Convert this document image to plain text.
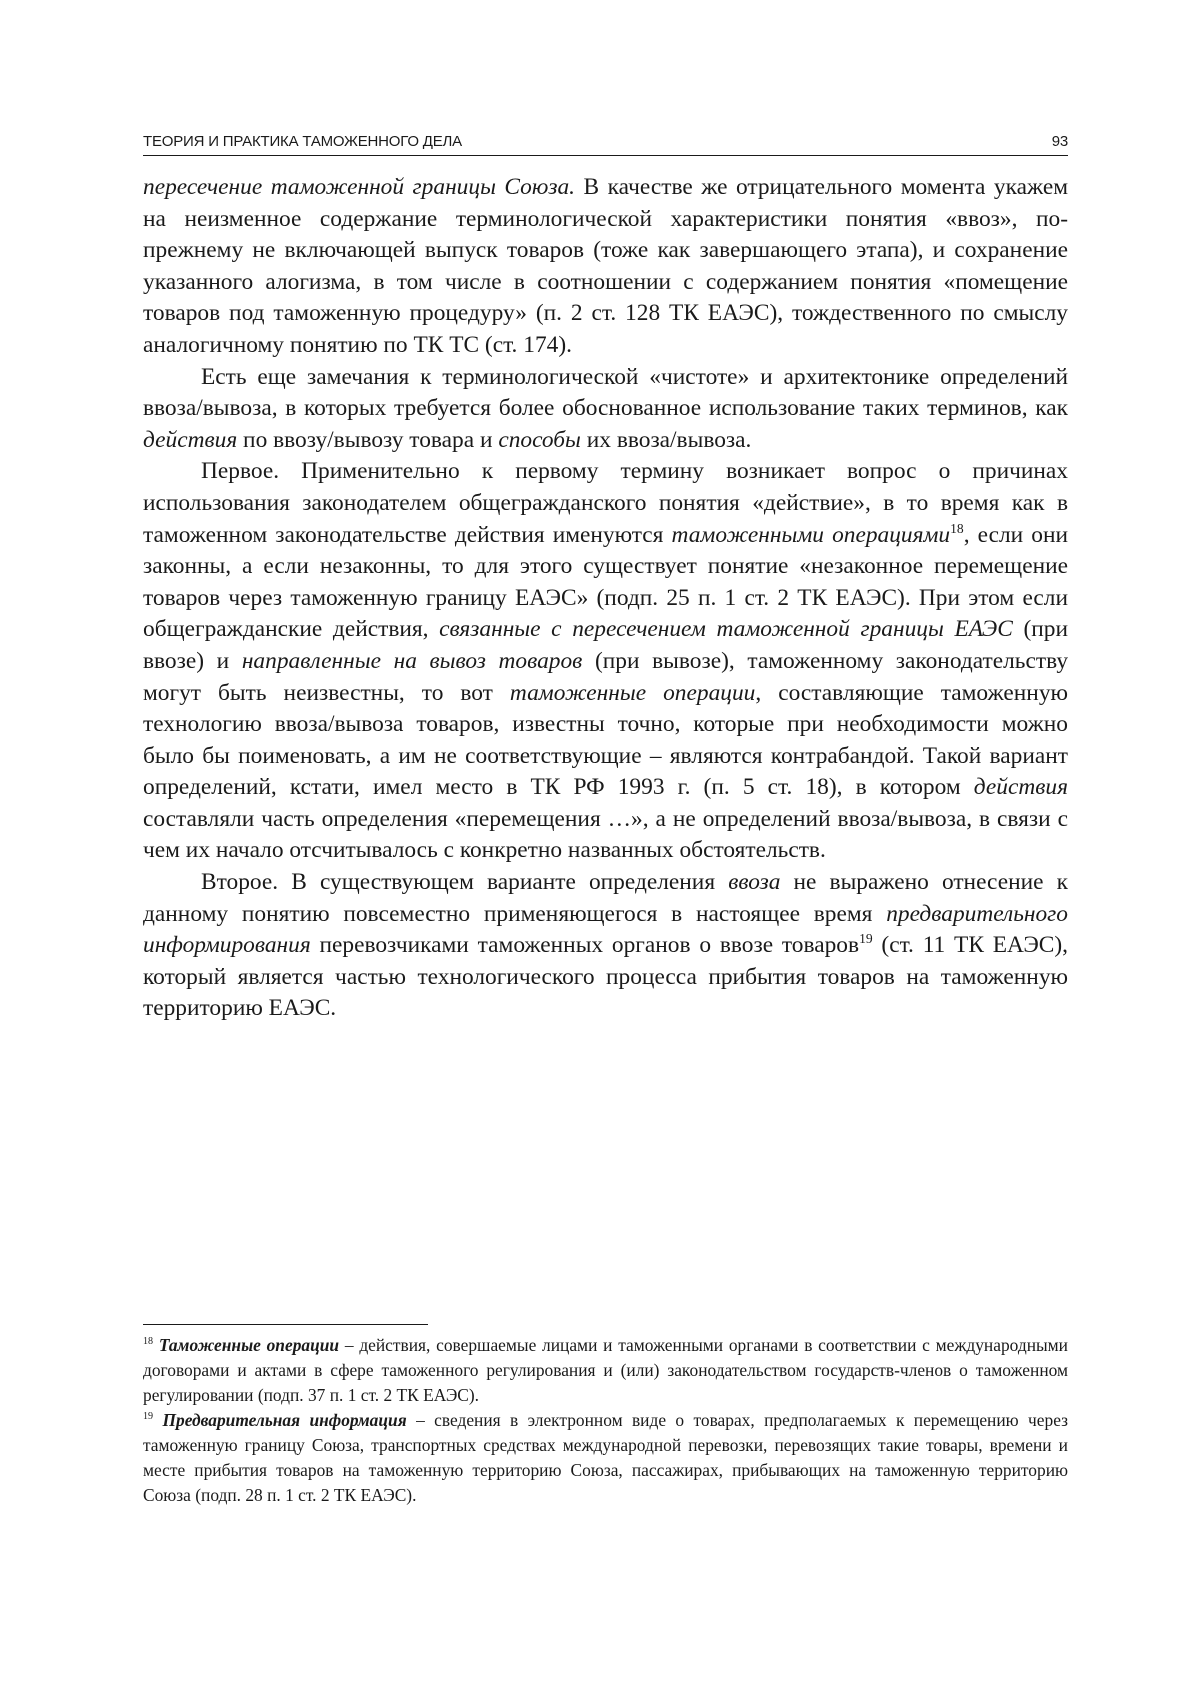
ТЕОРИЯ И ПРАКТИКА ТАМОЖЕННОГО ДЕЛА	93

пересечение таможенной границы Союза. В качестве же отрицательного момента укажем на неизменное содержание терминологической характеристики понятия «ввоз», по-прежнему не включающей выпуск товаров (тоже как завершающего этапа), и сохранение указанного алогизма, в том числе в соотношении с содержанием понятия «помещение товаров под таможенную процедуру» (п. 2 ст. 128 ТК ЕАЭС), тождественного по смыслу аналогичному понятию по ТК ТС (ст. 174).

Есть еще замечания к терминологической «чистоте» и архитектонике определений ввоза/вывоза, в которых требуется более обоснованное использование таких терминов, как действия по ввозу/вывозу товара и способы их ввоза/вывоза.

Первое. Применительно к первому термину возникает вопрос о причинах использования законодателем общегражданского понятия «действие», в то время как в таможенном законодательстве действия именуются таможенными операциями$^{18}$, если они законны, а если незаконны, то для этого существует понятие «незаконное перемещение товаров через таможенную границу ЕАЭС» (подп. 25 п. 1 ст. 2 ТК ЕАЭС). При этом если общегражданские действия, связанные с пересечением таможенной границы ЕАЭС (при ввозе) и направленные на вывоз товаров (при вывозе), таможенному законодательству могут быть неизвестны, то вот таможенные операции, составляющие таможенную технологию ввоза/вывоза товаров, известны точно, которые при необходимости можно было бы поименовать, а им не соответствующие – являются контрабандой. Такой вариант определений, кстати, имел место в ТК РФ 1993 г. (п. 5 ст. 18), в котором действия составляли часть определения «перемещения …», а не определений ввоза/вывоза, в связи с чем их начало отсчитывалось с конкретно названных обстоятельств.

Второе. В существующем варианте определения ввоза не выражено отнесение к данному понятию повсеместно применяющегося в настоящее время предварительного информирования перевозчиками таможенных органов о ввозе товаров$^{19}$ (ст. 11 ТК ЕАЭС), который является частью технологического процесса прибытия товаров на таможенную территорию ЕАЭС.

$^{18}$ Таможенные операции – действия, совершаемые лицами и таможенными органами в соответствии с международными договорами и актами в сфере таможенного регулирования и (или) законодательством государств-членов о таможенном регулировании (подп. 37 п. 1 ст. 2 ТК ЕАЭС).

$^{19}$ Предварительная информация – сведения в электронном виде о товарах, предполагаемых к перемещению через таможенную границу Союза, транспортных средствах международной перевозки, перевозящих такие товары, времени и месте прибытия товаров на таможенную территорию Союза, пассажирах, прибывающих на таможенную территорию Союза (подп. 28 п. 1 ст. 2 ТК ЕАЭС).
